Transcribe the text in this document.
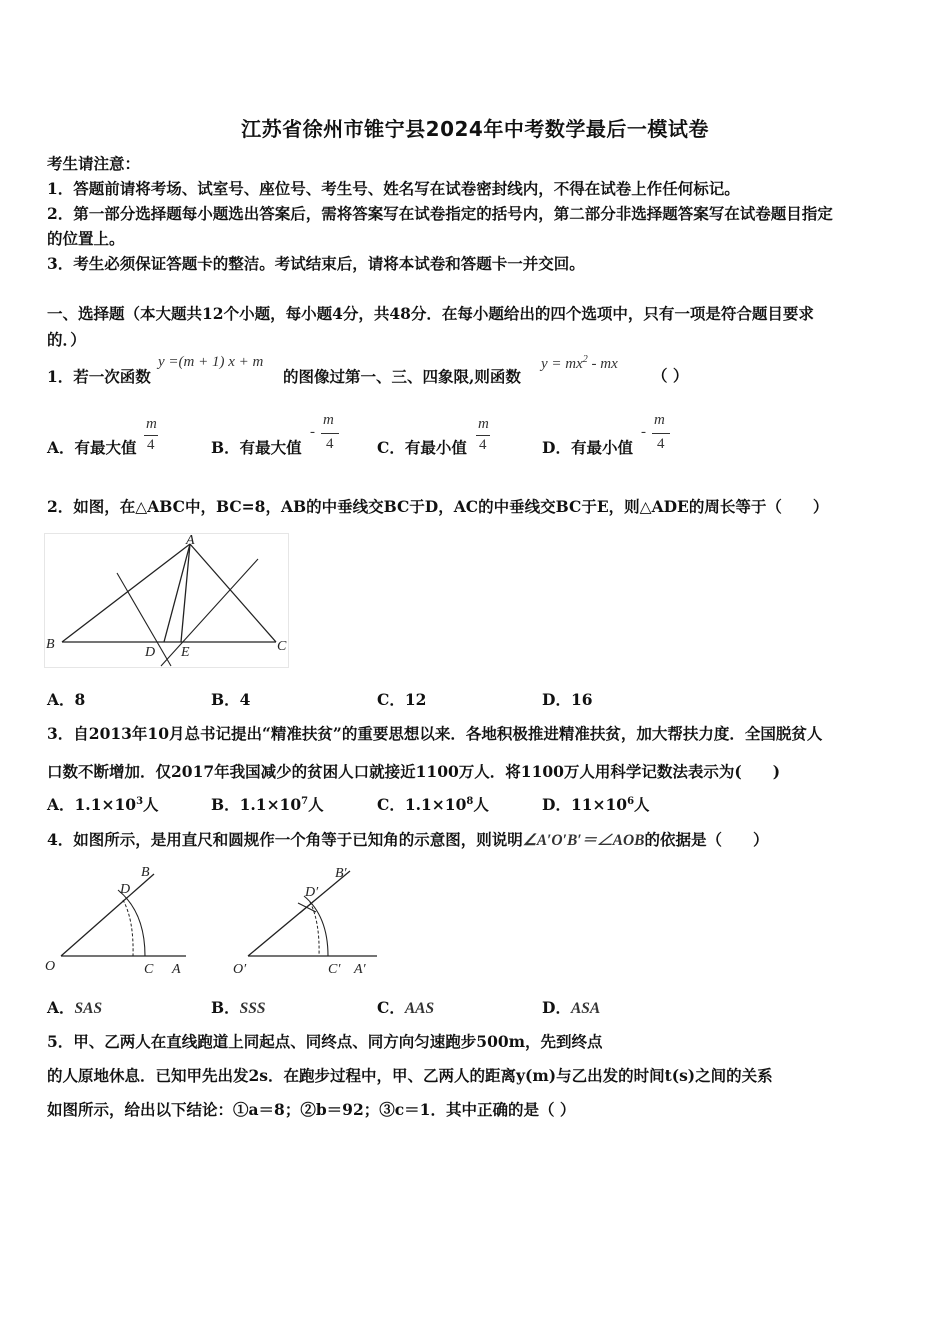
江苏省徐州市锥宁县2024年中考数学最后一模试卷
考生请注意：
1．答题前请将考场、试室号、座位号、考生号、姓名写在试卷密封线内，不得在试卷上作任何标记。
2．第一部分选择题每小题选出答案后，需将答案写在试卷指定的括号内，第二部分非选择题答案写在试卷题目指定
的位置上。
3．考生必须保证答题卡的整洁。考试结束后，请将本试卷和答题卡一并交回。
一、选择题（本大题共12个小题，每小题4分，共48分．在每小题给出的四个选项中，只有一项是符合题目要求
的．）
1．若一次函数
y =(m + 1) x + m
的图像过第一、三、四象限,则函数
$y = mx^2$ - mx
（ ）
A．有最大值
m
4	B．有最大值
-
m
4	C．有最小值
m
4	D．有最小值
-
m
4
2．如图，在△ABC中，BC=8，AB的中垂线交BC于D，AC的中垂线交BC于E，则△ADE的周长等于（　　）
A
B	C
D E
A．8	B．4	C．12	D．16
3．自2013年10月总书记提出“精准扶贫”的重要思想以来．各地积极推进精准扶贫，加大帮扶力度．全国脱贫人
口数不断增加．仅2017年我国减少的贫困人口就接近1100万人．将1100万人用科学记数法表示为(　　)
A．$1.1\times 10^3$人	B．$1.1\times 10^7$人	C．$1.1\times 10^8$人	D．$11\times 10^6$人
4．如图所示，是用直尺和圆规作一个角等于已知角的示意图，则说明∠A′O′B′＝∠AOB的依据是（　　）
B
D
O	C A
B′
D′
O′	C′ A′
A．SAS	B．SSS	C．AAS	D．ASA
5．甲、乙两人在直线跑道上同起点、同终点、同方向匀速跑步500m，先到终点
的人原地休息．已知甲先出发2s．在跑步过程中，甲、乙两人的距离y(m)与乙出发的时间t(s)之间的关系
如图所示，给出以下结论：①a＝8；②b＝92；③c＝1．其中正确的是（ ）
